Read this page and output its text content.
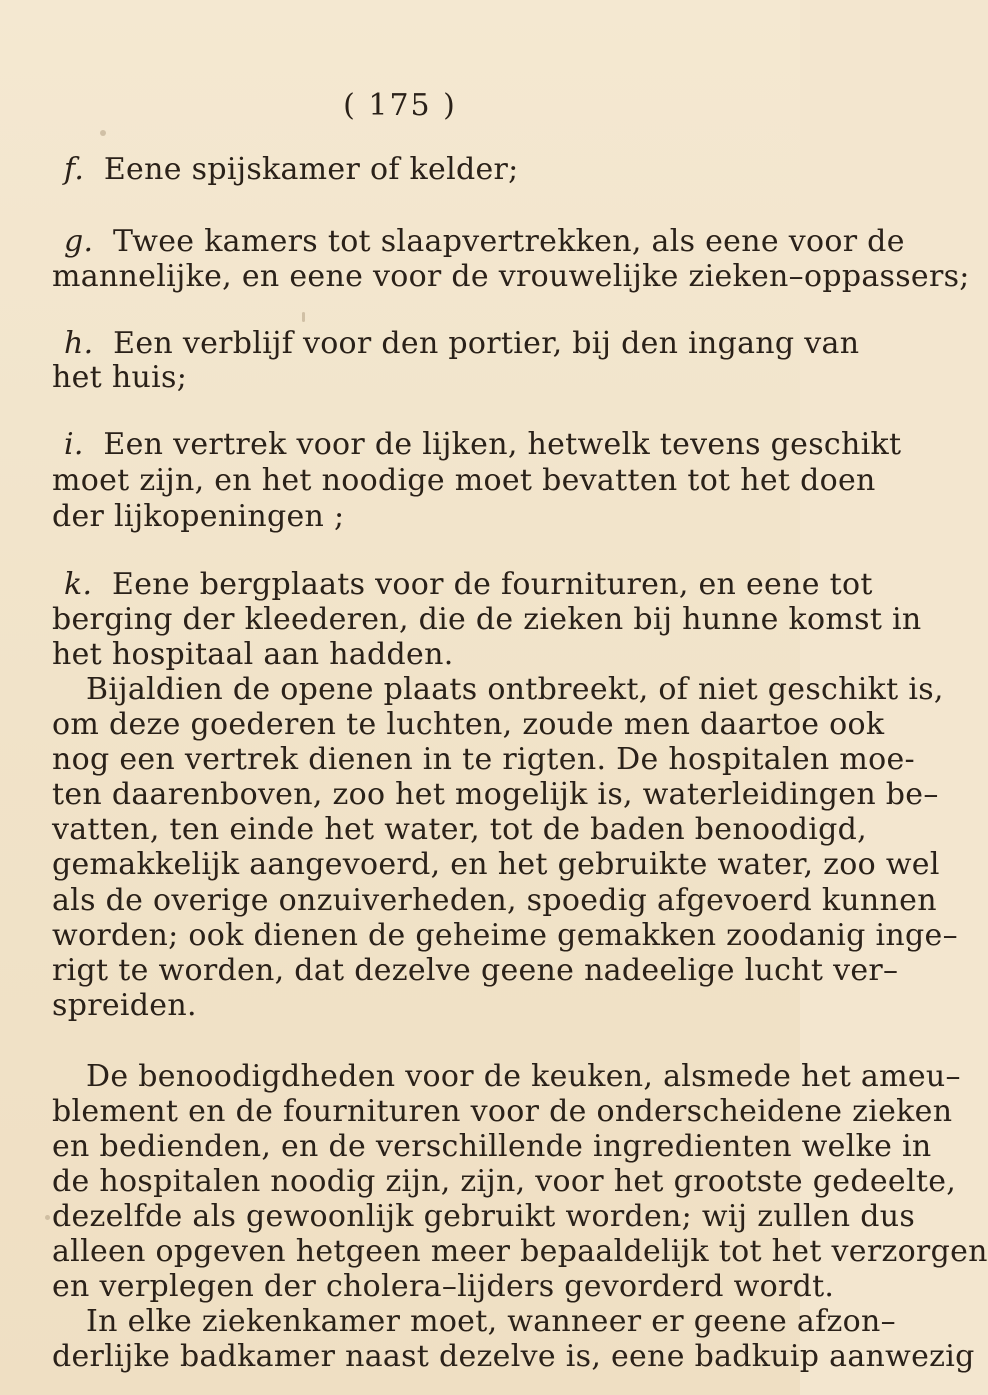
( 175 )
f. Eene spijskamer of kelder;
g. Twee kamers tot slaapvertrekken, als eene voor de
mannelijke, en eene voor de vrouwelijke zieken–oppassers;
h. Een verblijf voor den portier, bij den ingang van
het huis;
i. Een vertrek voor de lijken, hetwelk tevens geschikt
moet zijn, en het noodige moet bevatten tot het doen
der lijkopeningen ;
k. Eene bergplaats voor de fournituren, en eene tot
berging der kleederen, die de zieken bij hunne komst in
het hospitaal aan hadden.
Bijaldien de opene plaats ontbreekt, of niet geschikt is,
om deze goederen te luchten, zoude men daartoe ook
nog een vertrek dienen in te rigten. De hospitalen moe-
ten daarenboven, zoo het mogelijk is, waterleidingen be–
vatten, ten einde het water, tot de baden benoodigd,
gemakkelijk aangevoerd, en het gebruikte water, zoo wel
als de overige onzuiverheden, spoedig afgevoerd kunnen
worden; ook dienen de geheime gemakken zoodanig inge–
rigt te worden, dat dezelve geene nadeelige lucht ver–
spreiden.
De benoodigdheden voor de keuken, alsmede het ameu–
blement en de fournituren voor de onderscheidene zieken
en bedienden, en de verschillende ingredienten welke in
de hospitalen noodig zijn, zijn, voor het grootste gedeelte,
dezelfde als gewoonlijk gebruikt worden; wij zullen dus
alleen opgeven hetgeen meer bepaaldelijk tot het verzorgen
en verplegen der cholera–lijders gevorderd wordt.
In elke ziekenkamer moet, wanneer er geene afzon–
derlijke badkamer naast dezelve is, eene badkuip aanwezig
